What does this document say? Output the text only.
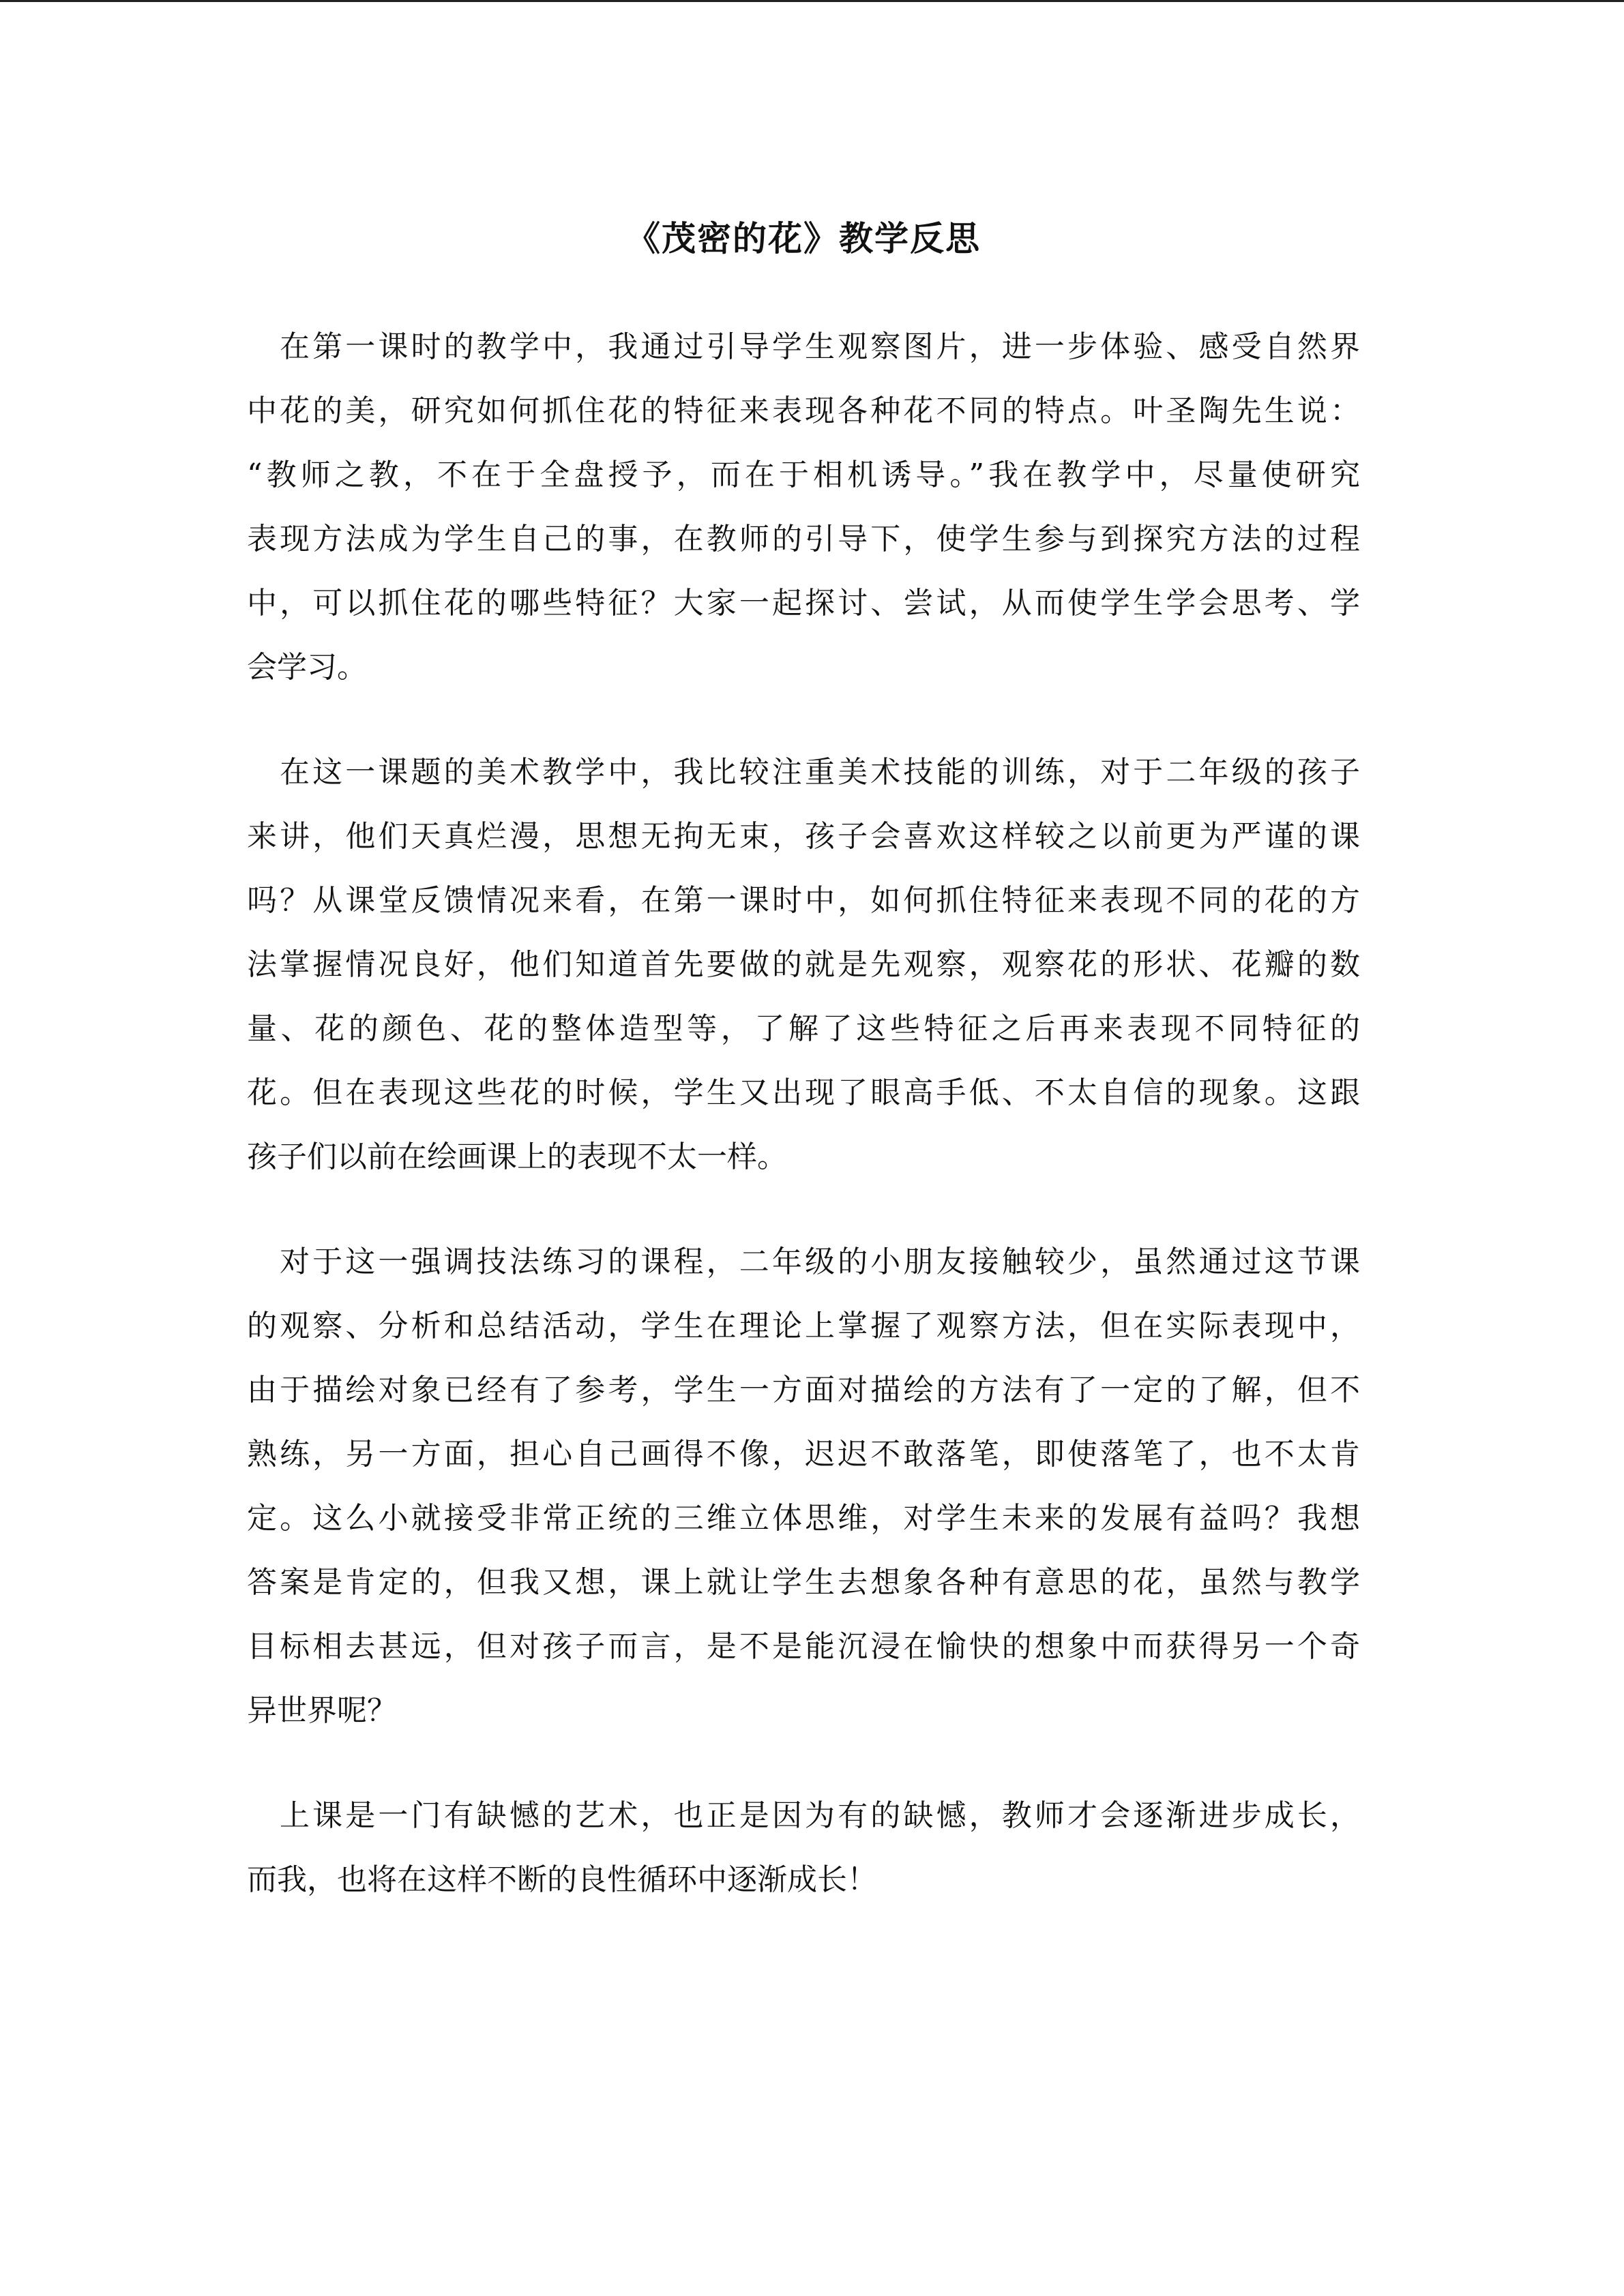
《茂密的花》教学反思
在第一课时的教学中，我通过引导学生观察图片，进一步体验、感受自然界
中花的美，研究如何抓住花的特征来表现各种花不同的特点。叶圣陶先生说：
“教师之教，不在于全盘授予，而在于相机诱导。”我在教学中，尽量使研究
表现方法成为学生自己的事，在教师的引导下，使学生参与到探究方法的过程
中，可以抓住花的哪些特征？大家一起探讨、尝试，从而使学生学会思考、学
会学习。
在这一课题的美术教学中，我比较注重美术技能的训练，对于二年级的孩子
来讲，他们天真烂漫，思想无拘无束，孩子会喜欢这样较之以前更为严谨的课
吗？从课堂反馈情况来看，在第一课时中，如何抓住特征来表现不同的花的方
法掌握情况良好，他们知道首先要做的就是先观察，观察花的形状、花瓣的数
量、花的颜色、花的整体造型等，了解了这些特征之后再来表现不同特征的
花。但在表现这些花的时候，学生又出现了眼高手低、不太自信的现象。这跟
孩子们以前在绘画课上的表现不太一样。
对于这一强调技法练习的课程，二年级的小朋友接触较少，虽然通过这节课
的观察、分析和总结活动，学生在理论上掌握了观察方法，但在实际表现中，
由于描绘对象已经有了参考，学生一方面对描绘的方法有了一定的了解，但不
熟练，另一方面，担心自己画得不像，迟迟不敢落笔，即使落笔了，也不太肯
定。这么小就接受非常正统的三维立体思维，对学生未来的发展有益吗？我想
答案是肯定的，但我又想，课上就让学生去想象各种有意思的花，虽然与教学
目标相去甚远，但对孩子而言，是不是能沉浸在愉快的想象中而获得另一个奇
异世界呢？
上课是一门有缺憾的艺术，也正是因为有的缺憾，教师才会逐渐进步成长，
而我，也将在这样不断的良性循环中逐渐成长！
